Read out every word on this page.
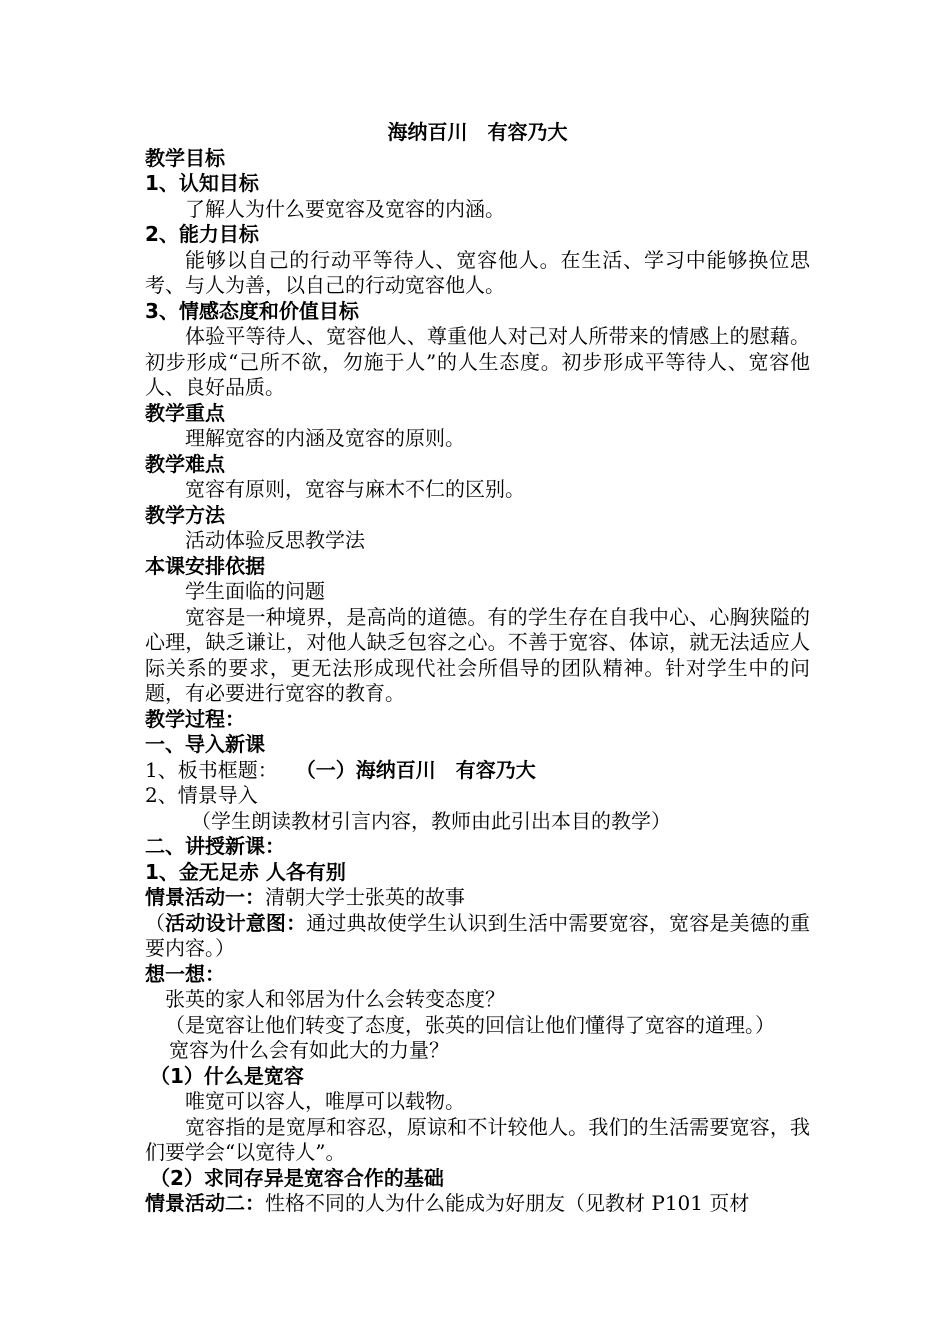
海纳百川　有容乃大
教学目标
1、认知目标
了解人为什么要宽容及宽容的内涵。
2、能力目标
能够以自己的行动平等待人、宽容他人。在生活、学习中能够换位思考、与人为善，以自己的行动宽容他人。
3、情感态度和价值目标
体验平等待人、宽容他人、尊重他人对己对人所带来的情感上的慰藉。初步形成“己所不欲，勿施于人”的人生态度。初步形成平等待人、宽容他人、良好品质。
教学重点
理解宽容的内涵及宽容的原则。
教学难点
宽容有原则，宽容与麻木不仁的区别。
教学方法
活动体验反思教学法
本课安排依据
学生面临的问题
宽容是一种境界，是高尚的道德。有的学生存在自我中心、心胸狭隘的心理，缺乏谦让，对他人缺乏包容之心。不善于宽容、体谅，就无法适应人际关系的要求，更无法形成现代社会所倡导的团队精神。针对学生中的问题，有必要进行宽容的教育。
教学过程：
一、导入新课
1、板书框题： （一）海纳百川　有容乃大
2、情景导入
（学生朗读教材引言内容，教师由此引出本目的教学）
二、讲授新课：
1、金无足赤 人各有别
情景活动一：清朝大学士张英的故事
（活动设计意图：通过典故使学生认识到生活中需要宽容，宽容是美德的重要内容。）
想一想：
张英的家人和邻居为什么会转变态度？
（是宽容让他们转变了态度，张英的回信让他们懂得了宽容的道理。）
宽容为什么会有如此大的力量？
（1）什么是宽容
唯宽可以容人，唯厚可以载物。
宽容指的是宽厚和容忍，原谅和不计较他人。我们的生活需要宽容，我们要学会“以宽待人”。
（2）求同存异是宽容合作的基础
情景活动二：性格不同的人为什么能成为好朋友（见教材 P101 页材
